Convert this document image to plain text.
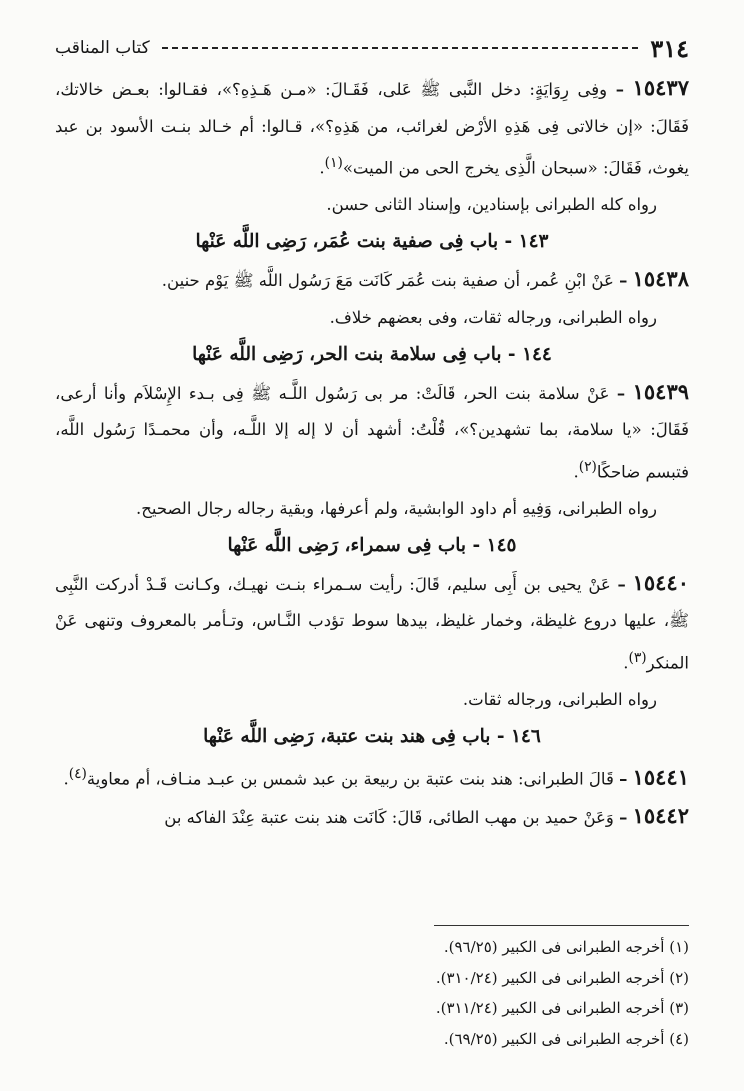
٣١٤
كتاب المناقب

١٥٤٣٧ – وفِى رِوَايَةٍ: دخل النَّبى ﷺ عَلى، فَقَـالَ: «مـن هَـذِهِ؟»، فقـالوا: بعـض خالاتك، فَقَالَ: «إن خالاتى فِى هَذِهِ الأرْض لغرائب، من هَذِهِ؟»، قـالوا: أم خـالد بنـت الأسود بن عبد يغوث، فَقَالَ: «سبحان الَّذِى يخرج الحى من الميت»$^{(١)}$.

رواه كله الطبرانى بإسنادين، وإسناد الثانى حسن.

١٤٣ - باب فِى صفية بنت عُمَر، رَضِى اللَّه عَنْها

١٥٤٣٨ – عَنْ ابْنِ عُمر، أن صفية بنت عُمَر كَانَت مَعَ رَسُول اللَّه ﷺ يَوْم حنين.

رواه الطبرانى، ورجاله ثقات، وفى بعضهم خلاف.

١٤٤ - باب فِى سلامة بنت الحر، رَضِى اللَّه عَنْها

١٥٤٣٩ – عَنْ سلامة بنت الحر، قَالَتْ: مر بى رَسُول اللَّـه ﷺ فِى بـدء الإِسْلاَم وأنا أرعى، فَقَالَ: «يا سلامة، بما تشهدين؟»، قُلْتُ: أشهد أن لا إله إلا اللَّـه، وأن محمـدًا رَسُول اللَّه، فتبسم ضاحكًا$^{(٢)}$.

رواه الطبرانى، وَفِيهِ أم داود الوابشية، ولم أعرفها، وبقية رجاله رجال الصحيح.

١٤٥ - باب فِى سمراء، رَضِى اللَّه عَنْها

١٥٤٤٠ – عَنْ يحيى بن أَبِى سليم، قَالَ: رأيت سـمراء بنـت نهيـك، وكـانت قَـدْ أدركت النَّبِى ﷺ، عليها دروع غليظة، وخمار غليظ، بيدها سوط تؤدب النَّـاس، وتـأمر بالمعروف وتنهى عَنْ المنكر$^{(٣)}$.

رواه الطبرانى، ورجاله ثقات.

١٤٦ - باب فِى هند بنت عتبة، رَضِى اللَّه عَنْها

١٥٤٤١ – قَالَ الطبرانى: هند بنت عتبة بن ربيعة بن عبد شمس بن عبـد منـاف، أم معاوية$^{(٤)}$.

١٥٤٤٢ – وَعَنْ حميد بن مهب الطائى، قَالَ: كَانَت هند بنت عتبة عِنْدَ الفاكه بن

(١) أخرجه الطبرانى فى الكبير (٩٦/٢٥).

(٢) أخرجه الطبرانى فى الكبير (٣١٠/٢٤).

(٣) أخرجه الطبرانى فى الكبير (٣١١/٢٤).

(٤) أخرجه الطبرانى فى الكبير (٦٩/٢٥).
